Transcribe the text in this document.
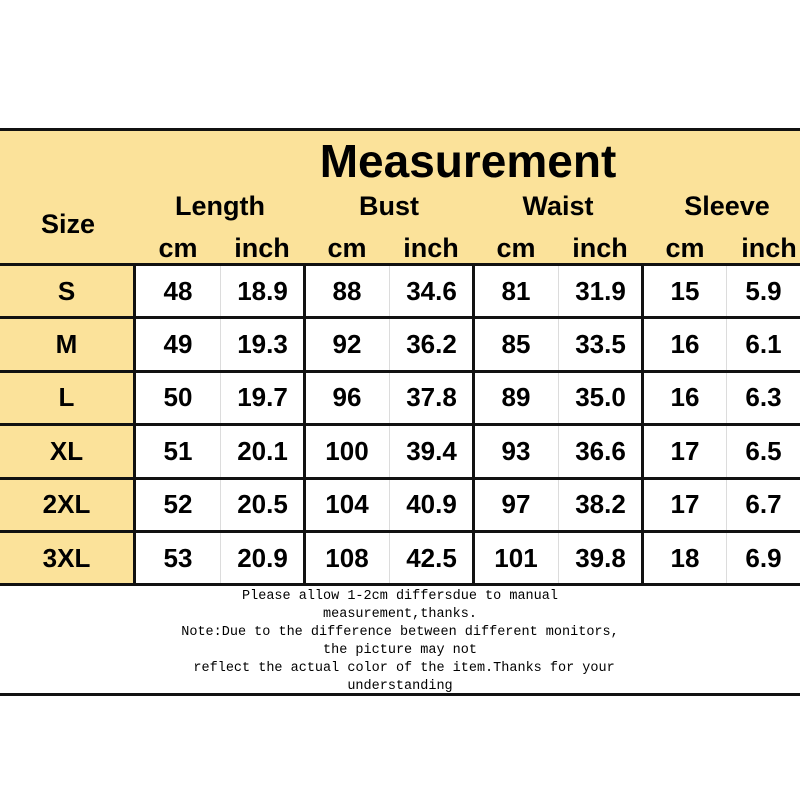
Measurement
Size
Length	Bust	Waist	Sleeve
cm	inch	cm	inch	cm	inch	cm	inch
S	48	18.9	88	34.6	81	31.9	15	5.9
M	49	19.3	92	36.2	85	33.5	16	6.1
L	50	19.7	96	37.8	89	35.0	16	6.3
XL	51	20.1	100	39.4	93	36.6	17	6.5
2XL	52	20.5	104	40.9	97	38.2	17	6.7
3XL	53	20.9	108	42.5	101	39.8	18	6.9
Please allow 1-2cm differsdue to manual
measurement,thanks.
Note:Due to the difference between different monitors,
the picture may not
reflect the actual color of the item.Thanks for your
understanding
